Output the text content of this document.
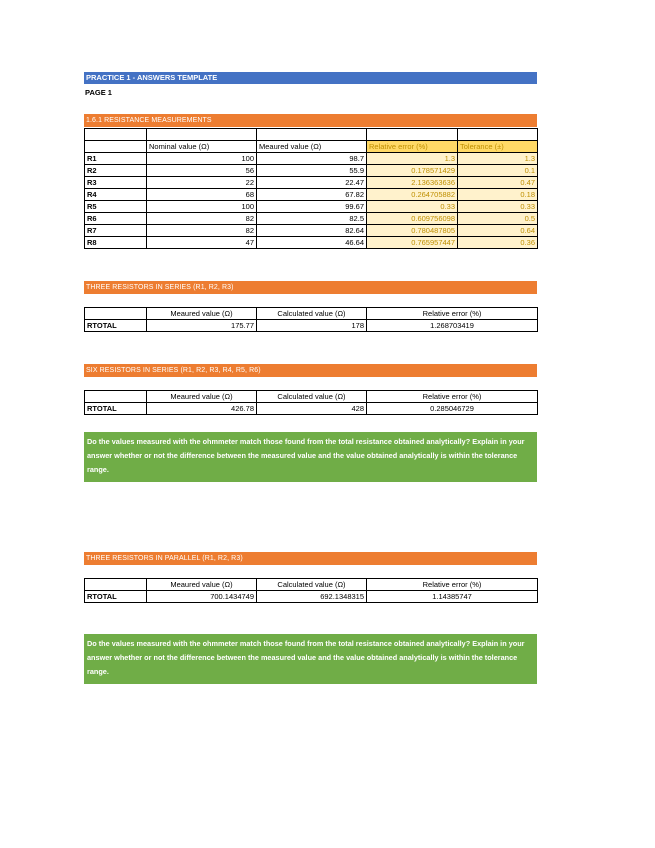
PRACTICE 1 - ANSWERS TEMPLATE
PAGE 1
1.6.1 RESISTANCE MEASUREMENTS

	Nominal value (Ω)	Meaured value (Ω)	Relative error (%)	Tolerance (±)
R1	100	98.7	1.3	1.3
R2	56	55.9	0.178571429	0.1
R3	22	22.47	2.136363636	0.47
R4	68	67.82	0.264705882	0.18
R5	100	99.67	0.33	0.33
R6	82	82.5	0.609756098	0.5
R7	82	82.64	0.780487805	0.64
R8	47	46.64	0.765957447	0.36
THREE RESISTORS IN SERIES (R1, R2, R3)
	Meaured value (Ω)	Calculated value (Ω)	Relative error (%)
RTOTAL	175.77	178	1.268703419
SIX RESISTORS IN SERIES (R1, R2, R3, R4, R5, R6)
	Meaured value (Ω)	Calculated value (Ω)	Relative error (%)
RTOTAL	426.78	428	0.285046729
Do the values measured with the ohmmeter match those found from the total resistance obtained analytically? Explain in your answer whether or not the difference between the measured value and the value obtained analytically is within the tolerance range.
THREE RESISTORS IN PARALLEL (R1, R2, R3)
	Meaured value (Ω)	Calculated value (Ω)	Relative error (%)
RTOTAL	700.1434749	692.1348315	1.14385747
Do the values measured with the ohmmeter match those found from the total resistance obtained analytically? Explain in your answer whether or not the difference between the measured value and the value obtained analytically is within the tolerance range.
